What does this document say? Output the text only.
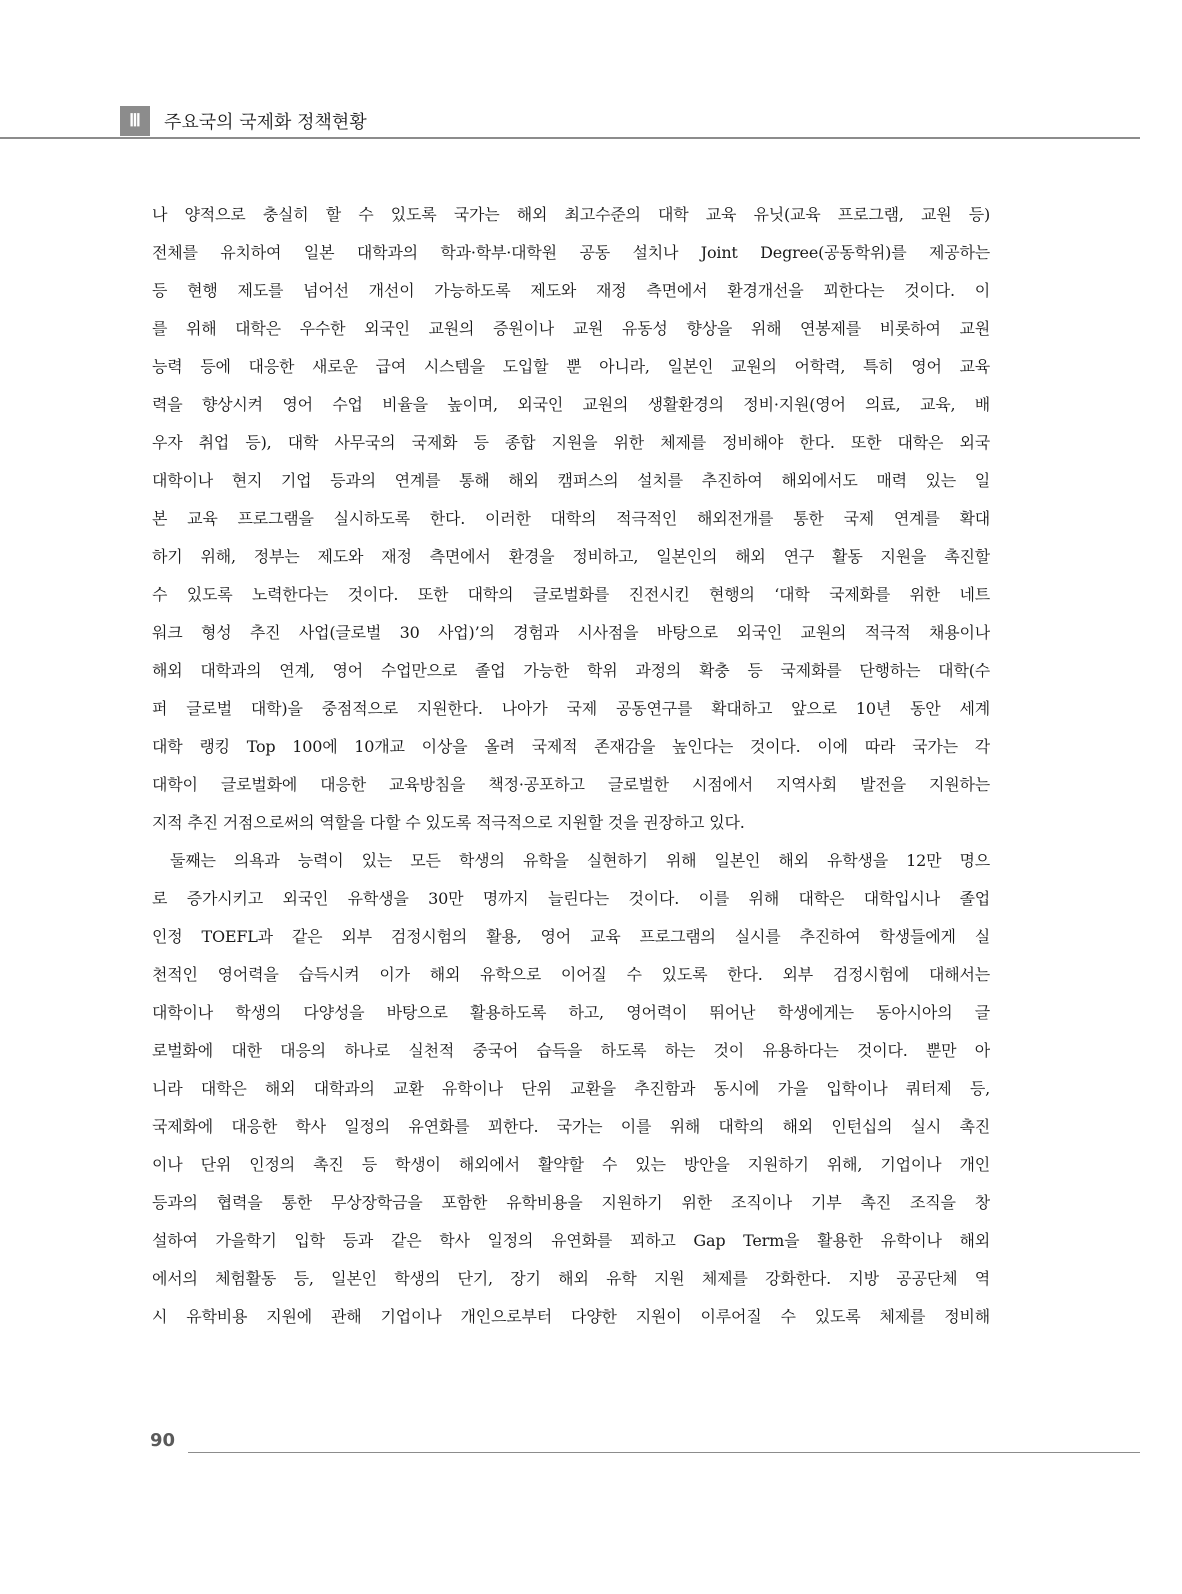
Ⅲ	주요국의 국제화 정책현황
나 양적으로 충실히 할 수 있도록 국가는 해외 최고수준의 대학 교육 유닛(교육 프로그램, 교원 등)
전체를 유치하여 일본 대학과의 학과·학부·대학원 공동 설치나 Joint Degree(공동학위)를 제공하는
등 현행 제도를 넘어선 개선이 가능하도록 제도와 재정 측면에서 환경개선을 꾀한다는 것이다. 이
를 위해 대학은 우수한 외국인 교원의 증원이나 교원 유동성 향상을 위해 연봉제를 비롯하여 교원
능력 등에 대응한 새로운 급여 시스템을 도입할 뿐 아니라, 일본인 교원의 어학력, 특히 영어 교육
력을 향상시켜 영어 수업 비율을 높이며, 외국인 교원의 생활환경의 정비·지원(영어 의료, 교육, 배
우자 취업 등), 대학 사무국의 국제화 등 종합 지원을 위한 체제를 정비해야 한다. 또한 대학은 외국
대학이나 현지 기업 등과의 연계를 통해 해외 캠퍼스의 설치를 추진하여 해외에서도 매력 있는 일
본 교육 프로그램을 실시하도록 한다. 이러한 대학의 적극적인 해외전개를 통한 국제 연계를 확대
하기 위해, 정부는 제도와 재정 측면에서 환경을 정비하고, 일본인의 해외 연구 활동 지원을 촉진할
수 있도록 노력한다는 것이다. 또한 대학의 글로벌화를 진전시킨 현행의 ‘대학 국제화를 위한 네트
워크 형성 추진 사업(글로벌 30 사업)’의 경험과 시사점을 바탕으로 외국인 교원의 적극적 채용이나
해외 대학과의 연계, 영어 수업만으로 졸업 가능한 학위 과정의 확충 등 국제화를 단행하는 대학(수
퍼 글로벌 대학)을 중점적으로 지원한다. 나아가 국제 공동연구를 확대하고 앞으로 10년 동안 세계
대학 랭킹 Top 100에 10개교 이상을 올려 국제적 존재감을 높인다는 것이다. 이에 따라 국가는 각
대학이 글로벌화에 대응한 교육방침을 책정·공포하고 글로벌한 시점에서 지역사회 발전을 지원하는
지적 추진 거점으로써의 역할을 다할 수 있도록 적극적으로 지원할 것을 권장하고 있다.
둘째는 의욕과 능력이 있는 모든 학생의 유학을 실현하기 위해 일본인 해외 유학생을 12만 명으
로 증가시키고 외국인 유학생을 30만 명까지 늘린다는 것이다. 이를 위해 대학은 대학입시나 졸업
인정 TOEFL과 같은 외부 검정시험의 활용, 영어 교육 프로그램의 실시를 추진하여 학생들에게 실
천적인 영어력을 습득시켜 이가 해외 유학으로 이어질 수 있도록 한다. 외부 검정시험에 대해서는
대학이나 학생의 다양성을 바탕으로 활용하도록 하고, 영어력이 뛰어난 학생에게는 동아시아의 글
로벌화에 대한 대응의 하나로 실천적 중국어 습득을 하도록 하는 것이 유용하다는 것이다. 뿐만 아
니라 대학은 해외 대학과의 교환 유학이나 단위 교환을 추진함과 동시에 가을 입학이나 쿼터제 등,
국제화에 대응한 학사 일정의 유연화를 꾀한다. 국가는 이를 위해 대학의 해외 인턴십의 실시 촉진
이나 단위 인정의 촉진 등 학생이 해외에서 활약할 수 있는 방안을 지원하기 위해, 기업이나 개인
등과의 협력을 통한 무상장학금을 포함한 유학비용을 지원하기 위한 조직이나 기부 촉진 조직을 창
설하여 가을학기 입학 등과 같은 학사 일정의 유연화를 꾀하고 Gap Term을 활용한 유학이나 해외
에서의 체험활동 등, 일본인 학생의 단기, 장기 해외 유학 지원 체제를 강화한다. 지방 공공단체 역
시 유학비용 지원에 관해 기업이나 개인으로부터 다양한 지원이 이루어질 수 있도록 체제를 정비해
90
